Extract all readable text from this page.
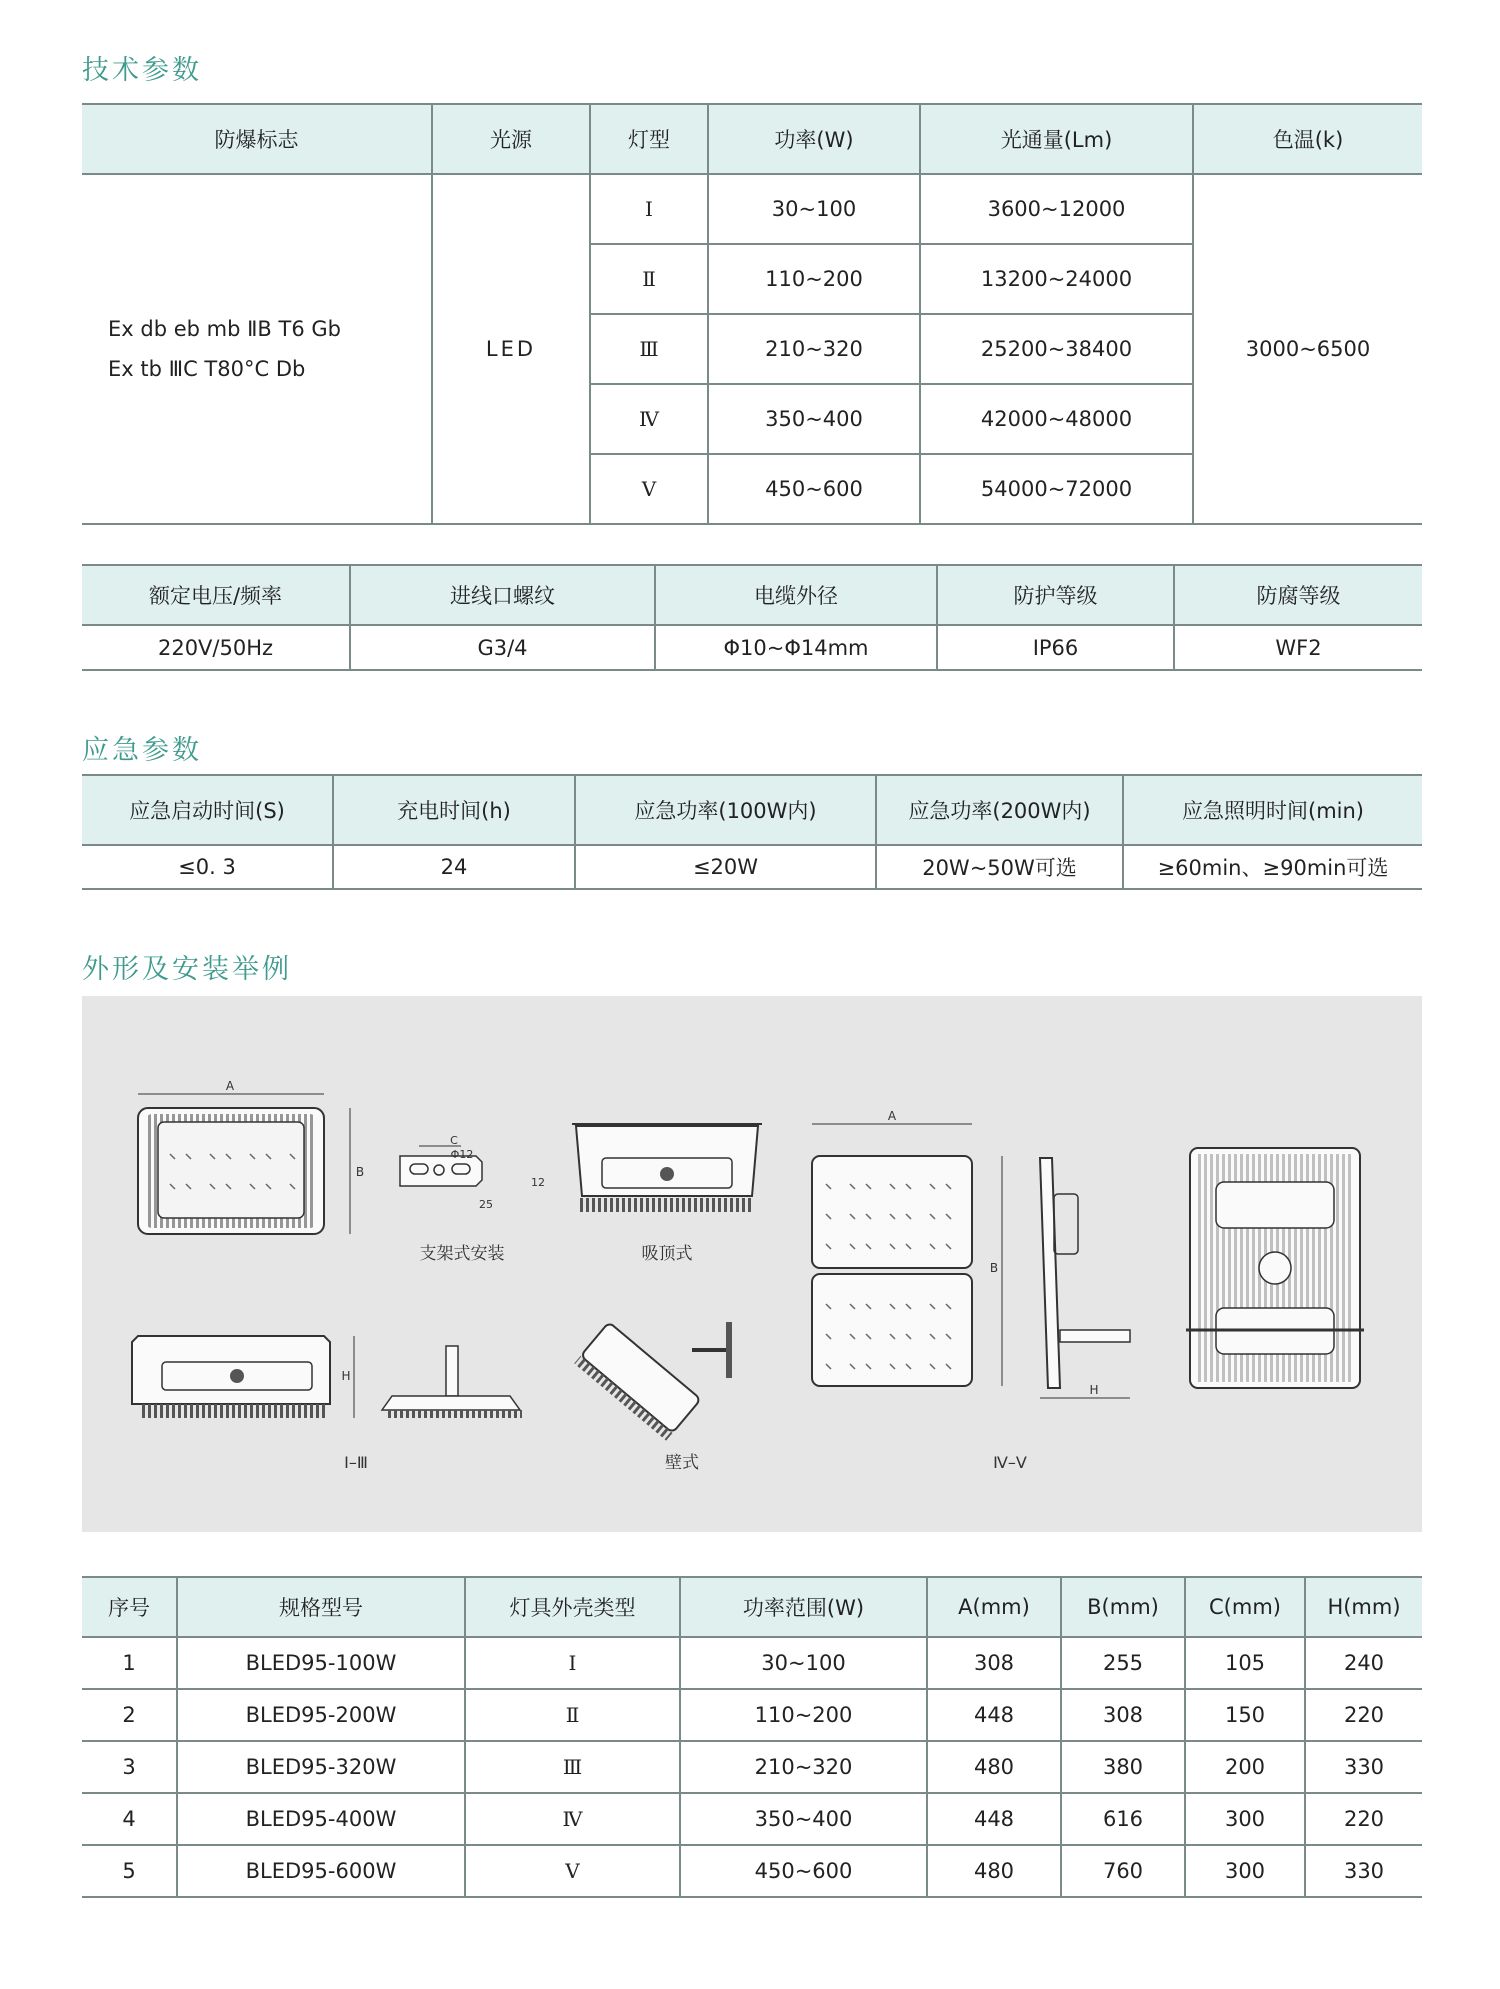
技术参数
防爆标志	光源	灯型	功率(W)	光通量(Lm)	色温(k)

Ex db eb mb ⅡB T6 Gb
Ex tb ⅢC T80°C Db	LED	Ⅰ	30~100	3600~12000	3000~6500
		Ⅱ	110~200	13200~24000	
		Ⅲ	210~320	25200~38400	
		Ⅳ	350~400	42000~48000	
		Ⅴ	450~600	54000~72000	
额定电压/频率	进线口螺纹	电缆外径	防护等级	防腐等级
220V/50Hz	G3/4	Φ10~Φ14mm	IP66	WF2
应急参数
应急启动时间(S)	充电时间(h)	应急功率(100W内)	应急功率(200W内)	应急照明时间(min)
≤0. 3	24	≤20W	20W~50W可选	≥60min、≥90min可选
外形及安装举例
A
B
C
Φ12
12
25
支架式安装	吸顶式
H
Ⅰ–Ⅲ	壁式
A
B
H
Ⅳ–Ⅴ
序号	规格型号	灯具外壳类型	功率范围(W)	A(mm)	B(mm)	C(mm)	H(mm)
1	BLED95-100W	Ⅰ	30~100	308	255	105	240
2	BLED95-200W	Ⅱ	110~200	448	308	150	220
3	BLED95-320W	Ⅲ	210~320	480	380	200	330
4	BLED95-400W	Ⅳ	350~400	448	616	300	220
5	BLED95-600W	Ⅴ	450~600	480	760	300	330
